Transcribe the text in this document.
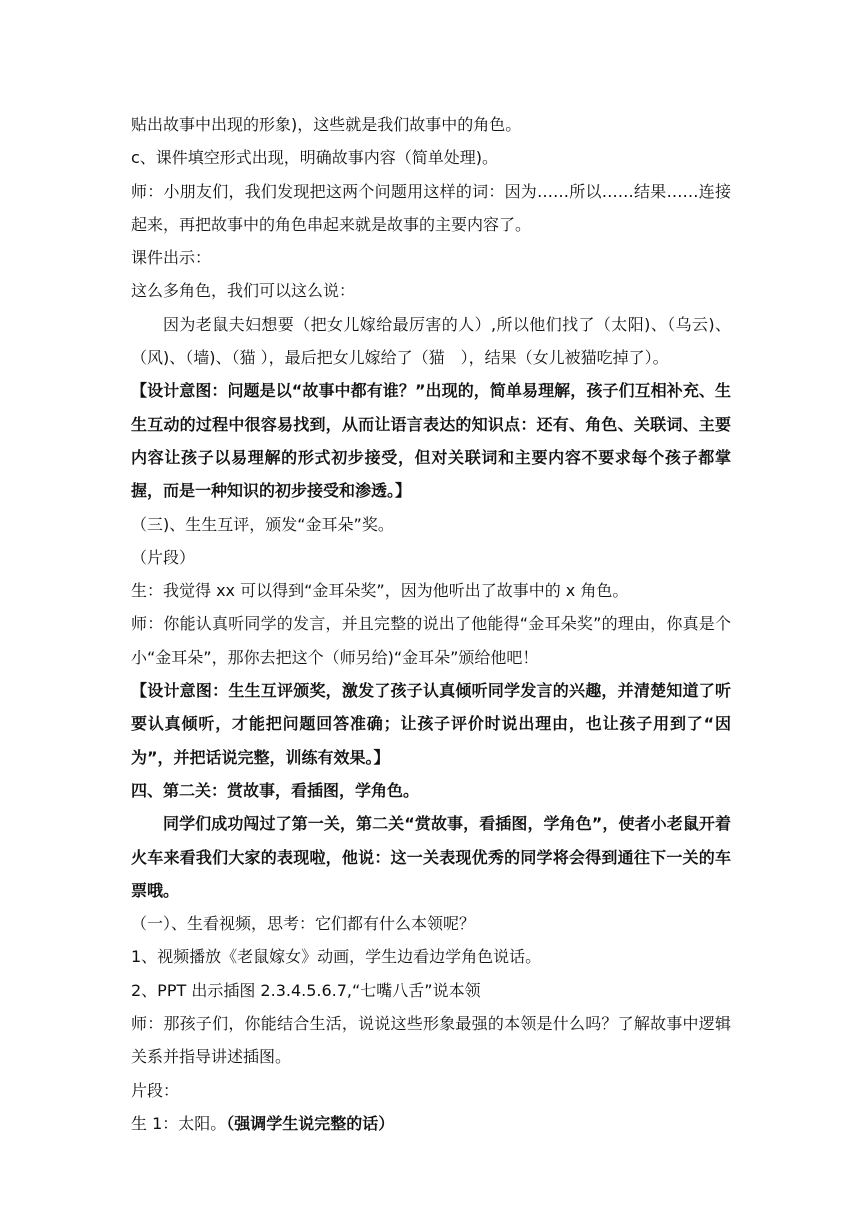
贴出故事中出现的形象)，这些就是我们故事中的角色。

c、课件填空形式出现，明确故事内容（简单处理)。

师：小朋友们，我们发现把这两个问题用这样的词：因为……所以……结果……连接起来，再把故事中的角色串起来就是故事的主要内容了。

课件出示：

这么多角色，我们可以这么说：

因为老鼠夫妇想要（把女儿嫁给最厉害的人）,所以他们找了（太阳)、（乌云)、（风)、（墙)、（猫 ），最后把女儿嫁给了（猫　），结果（女儿被猫吃掉了）。

【设计意图：问题是以“故事中都有谁？”出现的，简单易理解，孩子们互相补充、生生互动的过程中很容易找到，从而让语言表达的知识点：还有、角色、关联词、主要内容让孩子以易理解的形式初步接受，但对关联词和主要内容不要求每个孩子都掌握，而是一种知识的初步接受和渗透。】

（三)、生生互评，颁发“金耳朵”奖。

（片段）

生：我觉得 xx 可以得到“金耳朵奖”，因为他听出了故事中的 x 角色。

师：你能认真听同学的发言，并且完整的说出了他能得“金耳朵奖”的理由，你真是个小“金耳朵”，那你去把这个（师另给)“金耳朵”颁给他吧！

【设计意图：生生互评颁奖，激发了孩子认真倾听同学发言的兴趣，并清楚知道了听要认真倾听，才能把问题回答准确；让孩子评价时说出理由，也让孩子用到了“因为”，并把话说完整，训练有效果。】

四、第二关：赏故事，看插图，学角色。

同学们成功闯过了第一关，第二关“赏故事，看插图，学角色”，使者小老鼠开着火车来看我们大家的表现啦，他说：这一关表现优秀的同学将会得到通往下一关的车票哦。

（一）、生看视频，思考：它们都有什么本领呢？

1、视频播放《老鼠嫁女》动画，学生边看边学角色说话。

2、PPT 出示插图 2.3.4.5.6.7,“七嘴八舌”说本领

师：那孩子们，你能结合生活，说说这些形象最强的本领是什么吗？了解故事中逻辑关系并指导讲述插图。

片段：

生 1：太阳。（强调学生说完整的话）
